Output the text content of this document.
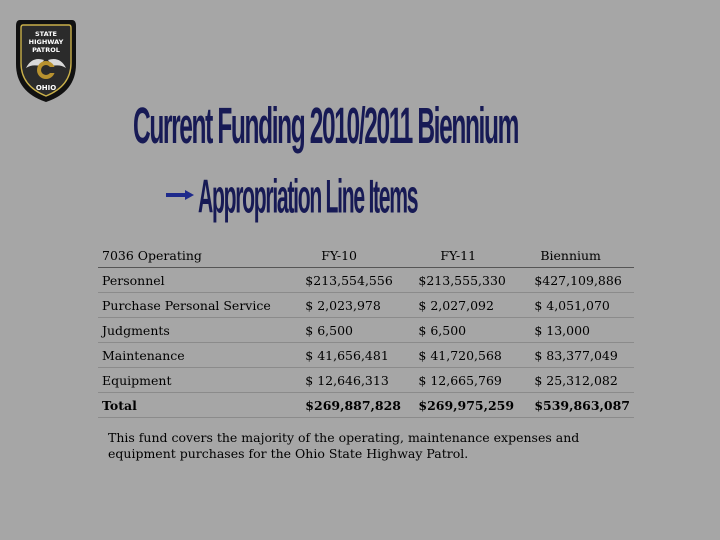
STATE
HIGHWAY
PATROL
OHIO
Current Funding 2010/2011 Biennium
Appropriation Line Items
7036 Operating	FY-10	FY-11	Biennium
Personnel	$213,554,556	$213,555,330	$427,109,886
Purchase Personal Service	$ 2,023,978	$ 2,027,092	$ 4,051,070
Judgments	$ 6,500	$ 6,500	$ 13,000
Maintenance	$ 41,656,481	$ 41,720,568	$ 83,377,049
Equipment	$ 12,646,313	$ 12,665,769	$ 25,312,082
Total	$269,887,828	$269,975,259	$539,863,087

This fund covers the majority of the operating, maintenance expenses and equipment purchases for the Ohio State Highway Patrol.
